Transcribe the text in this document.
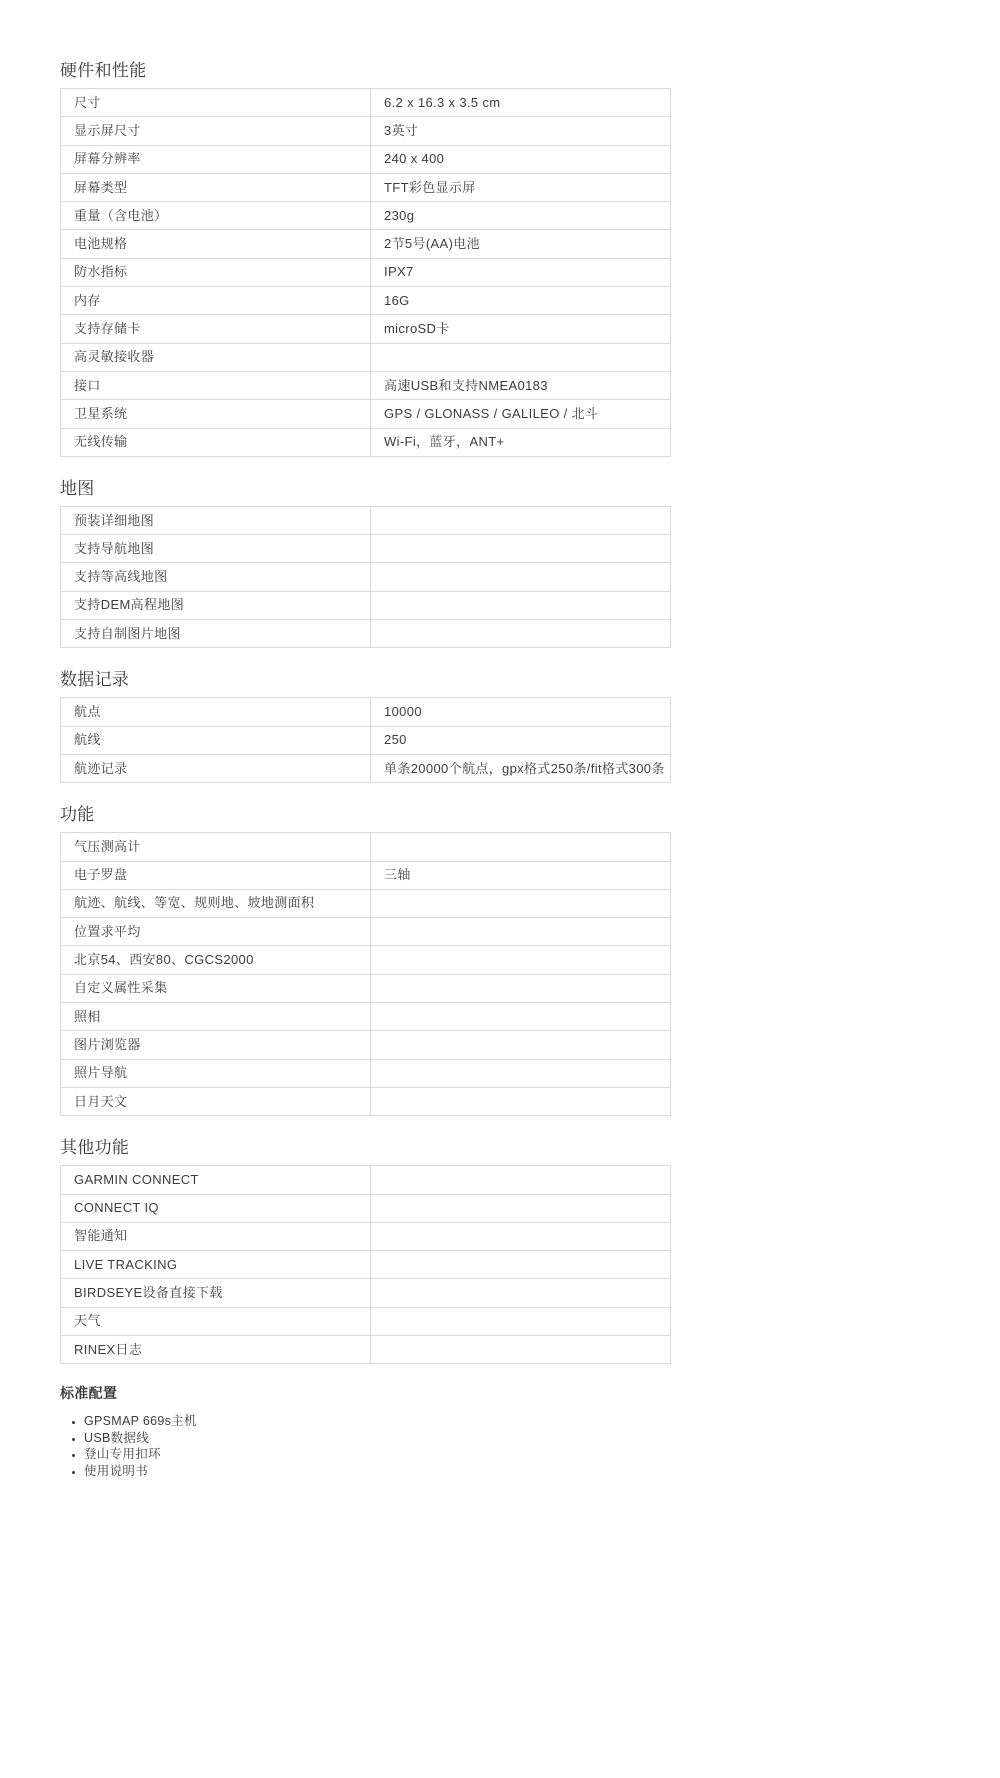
硬件和性能
尺寸	6.2 x 16.3 x 3.5 cm
显示屏尺寸	3英寸
屏幕分辨率	240 x 400
屏幕类型	TFT彩色显示屏
重量（含电池）	230g
电池规格	2节5号(AA)电池
防水指标	IPX7
内存	16G
支持存储卡	microSD卡
高灵敏接收器	
接口	高速USB和支持NMEA0183
卫星系统	GPS / GLONASS / GALILEO / 北斗
无线传输	Wi-Fi，蓝牙，ANT+
地图
预装详细地图	
支持导航地图	
支持等高线地图	
支持DEM高程地图	
支持自制图片地图	
数据记录
航点	10000
航线	250
航迹记录	单条20000个航点，gpx格式250条/fit格式300条
功能
气压测高计	
电子罗盘	三轴
航迹、航线、等宽、规则地、坡地测面积	
位置求平均	
北京54、西安80、CGCS2000	
自定义属性采集	
照相	
图片浏览器	
照片导航	
日月天文	
其他功能
GARMIN CONNECT	
CONNECT IQ	
智能通知	
LIVE TRACKING	
BIRDSEYE设备直接下载	
天气	
RINEX日志	
标准配置
• GPSMAP 669s主机
• USB数据线
• 登山专用扣环
• 使用说明书
